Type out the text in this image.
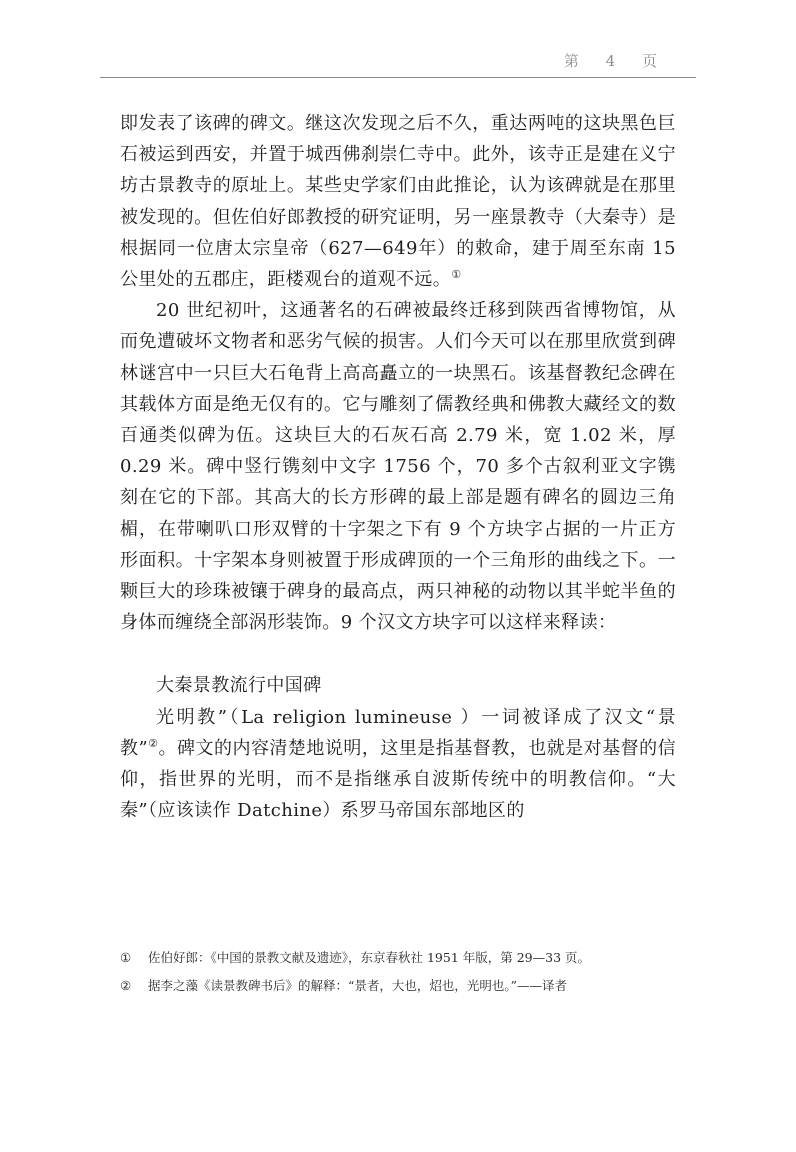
第 4 页

即发表了该碑的碑文。继这次发现之后不久，重达两吨的这块黑色巨石被运到西安，并置于城西佛刹崇仁寺中。此外，该寺正是建在义宁坊古景教寺的原址上。某些史学家们由此推论，认为该碑就是在那里被发现的。但佐伯好郎教授的研究证明，另一座景教寺（大秦寺）是根据同一位唐太宗皇帝（627—649年）的敕命，建于周至东南 15 公里处的五郡庄，距楼观台的道观不远。①

20 世纪初叶，这通著名的石碑被最终迁移到陕西省博物馆，从而免遭破坏文物者和恶劣气候的损害。人们今天可以在那里欣赏到碑林谜宫中一只巨大石龟背上高高矗立的一块黑石。该基督教纪念碑在其载体方面是绝无仅有的。它与雕刻了儒教经典和佛教大藏经文的数百通类似碑为伍。这块巨大的石灰石高 2.79 米，宽 1.02 米，厚 0.29 米。碑中竖行镌刻中文字 1756 个，70 多个古叙利亚文字镌刻在它的下部。其高大的长方形碑的最上部是题有碑名的圆边三角楣，在带喇叭口形双臂的十字架之下有 9 个方块字占据的一片正方形面积。十字架本身则被置于形成碑顶的一个三角形的曲线之下。一颗巨大的珍珠被镶于碑身的最高点，两只神秘的动物以其半蛇半鱼的身体而缠绕全部涡形装饰。9 个汉文方块字可以这样来释读：

大秦景教流行中国碑

光明教”（La religion lumineuse ）一词被译成了汉文“景教”②。碑文的内容清楚地说明，这里是指基督教，也就是对基督的信仰，指世界的光明，而不是指继承自波斯传统中的明教信仰。“大秦”（应该读作 Datchine）系罗马帝国东部地区的

① 佐伯好郎：《中国的景教文献及遗迹》，东京春秋社 1951 年版，第 29—33 页。

② 据李之藻《读景教碑书后》的解释：“景者，大也，炤也，光明也。”——译者
